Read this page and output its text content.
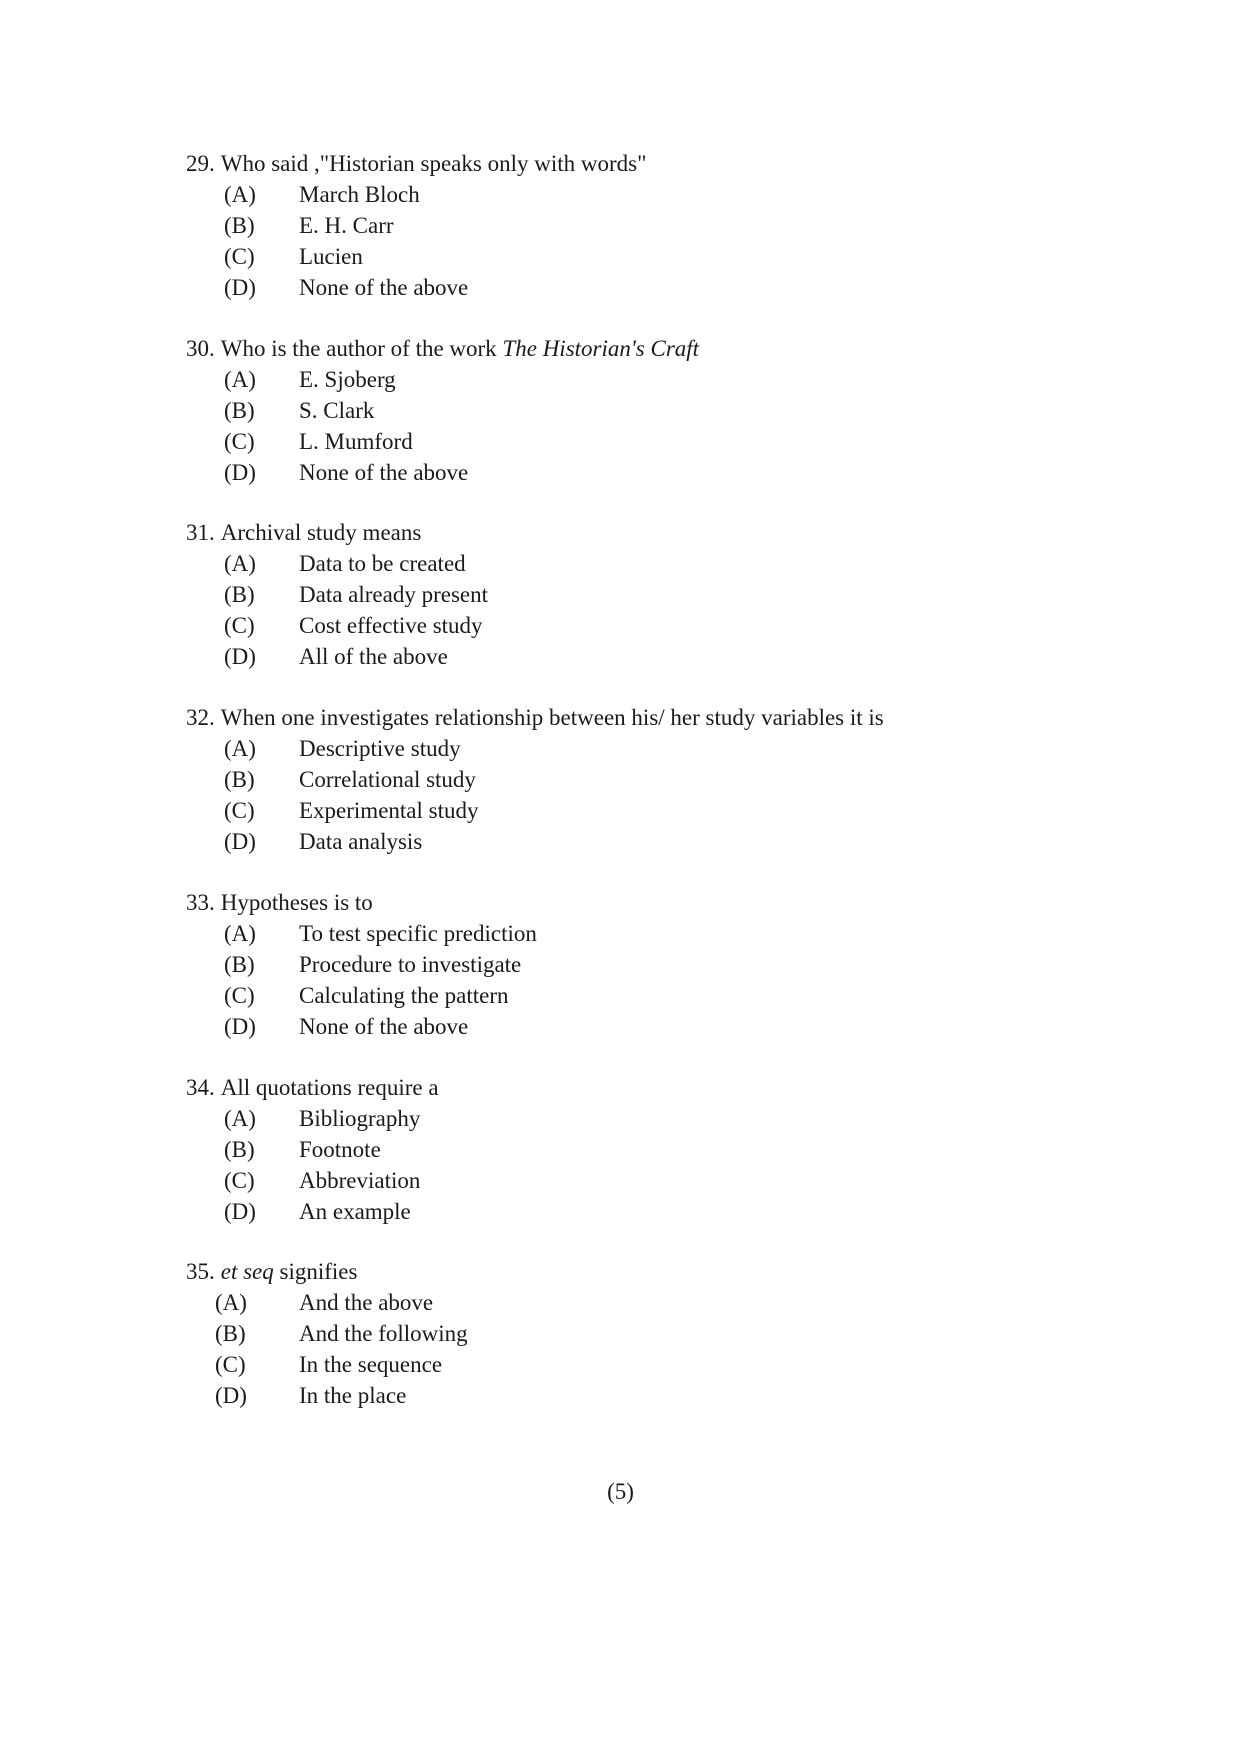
29. Who said ,"Historian speaks only with words"
(A) March Bloch
(B) E. H. Carr
(C) Lucien
(D) None of the above
30. Who is the author of the work The Historian's Craft
(A) E. Sjoberg
(B) S. Clark
(C) L. Mumford
(D) None of the above
31. Archival study means
(A) Data to be created
(B) Data already present
(C) Cost effective study
(D) All of the above
32. When one investigates relationship between his/ her study variables it is
(A) Descriptive study
(B) Correlational study
(C) Experimental study
(D) Data analysis
33. Hypotheses is to
(A) To test specific prediction
(B) Procedure to investigate
(C) Calculating the pattern
(D) None of the above
34. All quotations require a
(A) Bibliography
(B) Footnote
(C) Abbreviation
(D) An example
35. et seq signifies
(A) And the above
(B) And the following
(C) In the sequence
(D) In the place
(5)
